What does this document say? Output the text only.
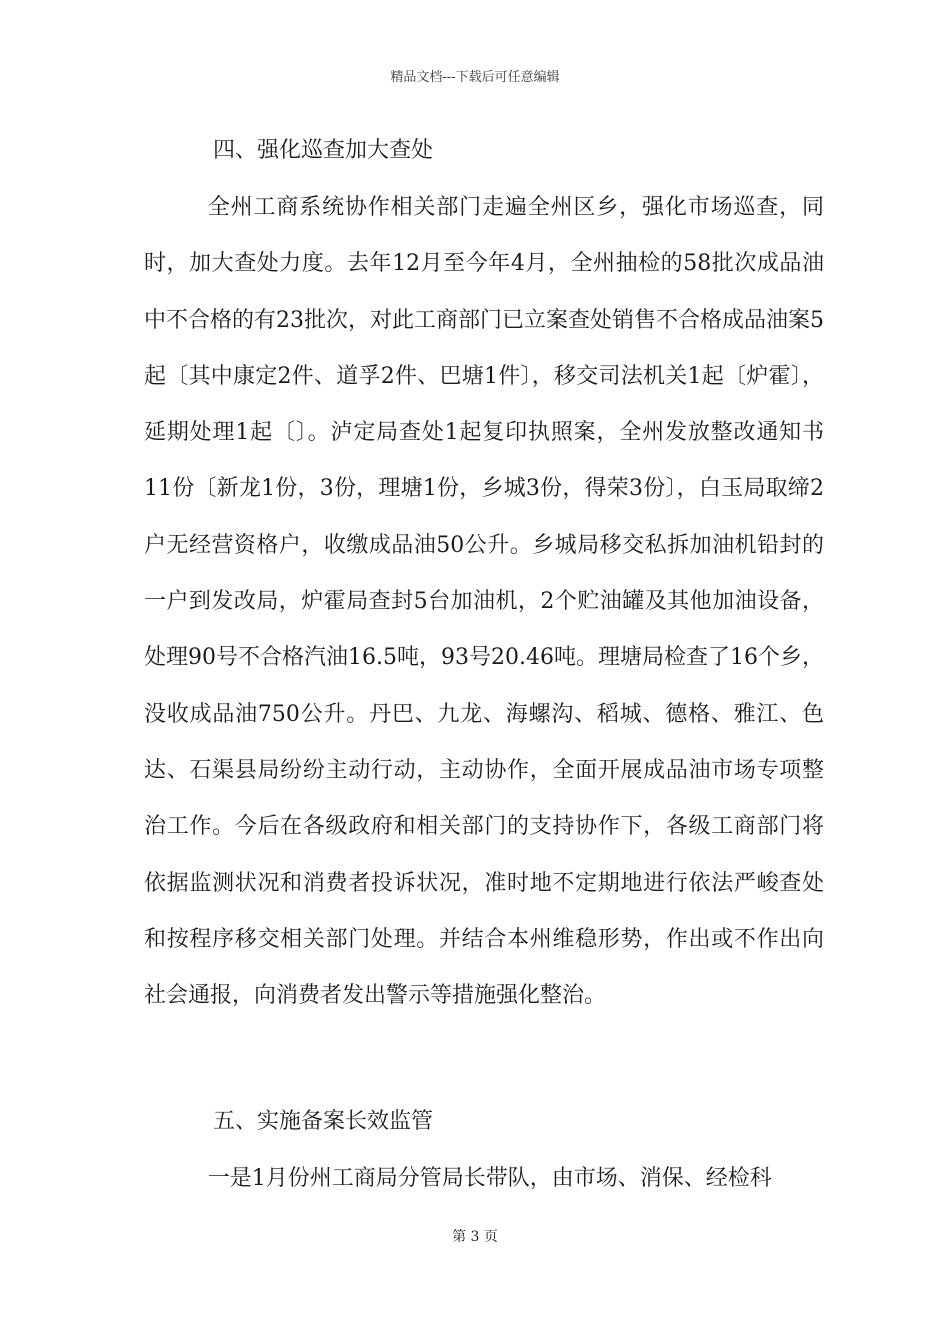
精品文档---下载后可任意编辑
四、强化巡查加大查处

全州工商系统协作相关部门走遍全州区乡，强化市场巡查，同时，加大查处力度。去年12月至今年4月，全州抽检的58批次成品油中不合格的有23批次，对此工商部门已立案查处销售不合格成品油案5起〔其中康定2件、道孚2件、巴塘1件〕，移交司法机关1起〔炉霍〕，延期处理1起〔〕。泸定局查处1起复印执照案，全州发放整改通知书11份〔新龙1份，3份，理塘1份，乡城3份，得荣3份〕，白玉局取缔2户无经营资格户，收缴成品油50公升。乡城局移交私拆加油机铅封的一户到发改局，炉霍局查封5台加油机，2个贮油罐及其他加油设备，处理90号不合格汽油16.5吨，93号20.46吨。理塘局检查了16个乡，没收成品油750公升。丹巴、九龙、海螺沟、稻城、德格、雅江、色达、石渠县局纷纷主动行动，主动协作，全面开展成品油市场专项整治工作。今后在各级政府和相关部门的支持协作下，各级工商部门将依据监测状况和消费者投诉状况，准时地不定期地进行依法严峻查处和按程序移交相关部门处理。并结合本州维稳形势，作出或不作出向社会通报，向消费者发出警示等措施强化整治。

五、实施备案长效监管

一是1月份州工商局分管局长带队，由市场、消保、经检科

第 3 页
